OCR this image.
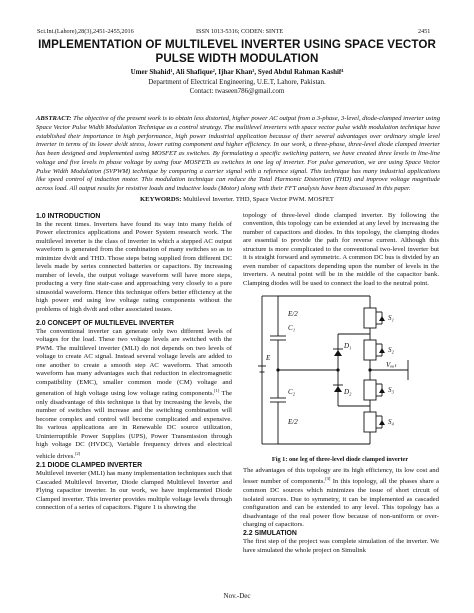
Sci.Int.(Lahore),28(3),2451-2455,2016	ISSN 1013-5316; CODEN: SINTE	2451
IMPLEMENTATION OF MULTILEVEL INVERTER USING SPACE VECTOR
PULSE WIDTH MODULATION
Umer Shahid¹, Ali Shafique², Ijhar Khan³, Syed Abdul Rahman Kashif⁴
Department of Electrical Engineering, U.E.T, Lahore, Pakistan.
Contact: twaseen786@gmail.com

ABSTRACT: The objective of the present work is to obtain less distorted, higher power AC output from a 3-phase, 3-level, diode-clamped inverter using Space Vector Pulse Width Modulation Technique as a control strategy. The multilevel inverters with space vector pulse width modulation technique have established their importance in high performance, high power industrial application because of their several advantages over ordinary single level inverter in terms of its lower dv/dt stress, lower rating component and higher efficiency. In our work, a three-phase, three-level diode clamped inverter has been designed and implemented using MOSFET as switches. By formulating a specific switching pattern, we have created three levels in line-line voltage and five levels in phase voltage by using four MOSFETs as switches in one leg of inverter. For pulse generation, we are using Space Vector Pulse Width Modulation (SVPWM) technique by comparing a carrier signal with a reference signal. This technique has many industrial applications like speed control of induction motor. This modulation technique can reduce the Total Harmonic Distortion (THD) and improve voltage magnitude across load. All output results for resistive loads and inductive loads (Motor) along with their FFT analysis have been discussed in this paper.

KEYWORDS: Multilevel Inverter. THD, Space Vector PWM. MOSFET
1.0 INTRODUCTION

In the recent times. Inverters have found its way into many fields of Power electronics applications and Power System research work. The multilevel inverter is the class of inverter in which a stepped AC output waveform is generated from the combination of many switches so as to minimize dv/dt and THD. Those steps being supplied from different DC levels made by series connected batteries or capacitors. By increasing number of levels, the output voltage waveform will have more steps, producing a very fine stair-case and approaching very closely to a pure sinusoidal waveform. Hence this technique offers better efficiency at the high power end using low voltage rating components without the problems of high dv/dt and other associated issues.

2.0 CONCEPT OF MULTILEVEL INVERTER

The conventional inverter can generate only two different levels of voltages for the load. These two voltage levels are switched with the PWM. The multilevel inverter (MLI) do not depends on two levels of voltage to create AC signal. Instead several voltage levels are added to one another to create a smooth step AC waveform. That smooth waveform has many advantages such that reduction in electromagnetic compatibility (EMC), smaller common mode (CM) voltage and generation of high voltage using low voltage rating components.[1] The only disadvantage of this technique is that by increasing the levels, the number of switches will increase and the switching combination will become complex and control will become complicated and expensive. Its various applications are in Renewable DC source utilization, Uninterruptible Power Supplies (UPS), Power Transmission through high voltage DC (HVDC), Variable frequency drives and electrical vehicle drives.[2]

2.1 DIODE CLAMPED INVERTER

Multilevel inverter (MLI) has many implementation techniques such that Cascaded Multilevel Inverter, Diode clamped Multilevel Inverter and Flying capacitor inverter. In our work, we have implemented Diode Clamped inverter. This inverter provides multiple voltage levels through connection of a series of capacitors. Figure 1 is showing the

topology of three-level diode clamped inverter. By following the convention, this topology can be extended at any level by increasing the number of capacitors and diodes. In this topology, the clamping diodes are essential to provide the path for reverse current. Although this structure is more complicated to the conventional two-level inverter but it is straight forward and symmetric. A common DC bus is divided by an even number of capacitors depending upon the number of levels in the inverters. A neutral point will be in the middle of the capacitor bank. Clamping diodes will be used to connect the load to the neutral point.

S₁
S₂
S₃
S₄
C₁
C₂
E/2
E/2
E
D₁
D₂
Vₒᵤₜ
Fig 1: one leg of three-level diode clamped inverter

The advantages of this topology are its high efficiency, its low cost and lesser number of components.[3] In this topology, all the phases share a common DC sources which minimizes the issue of short circuit of isolated sources. Due to symmetry, it can be implemented as cascaded configuration and can be extended to any level. This topology has a disadvantage of the real power flow because of non-uniform or over-charging of capacitors.

2.2 SIMULATION

The first step of the project was complete simulation of the inverter. We have simulated the whole project on Simulink

Nov.-Dec
